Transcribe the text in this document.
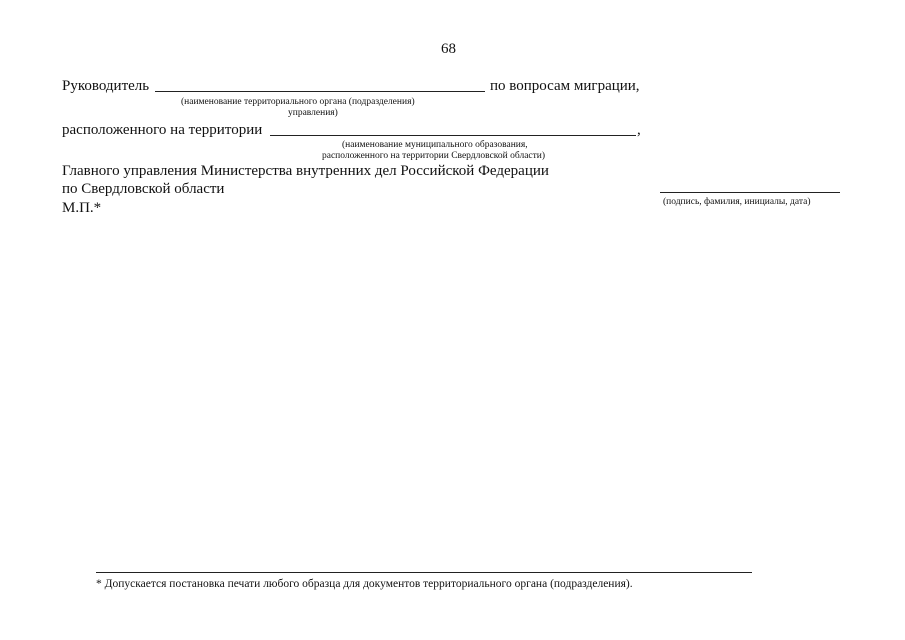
68
Руководитель	по вопросам миграции,
(наименование территориального органа (подразделения)
управления)
расположенного на территории	,
(наименование муниципального образования,
расположенного на территории Свердловской области)
Главного управления Министерства внутренних дел Российской Федерации
по Свердловской области
М.П.*	(подпись, фамилия, инициалы, дата)
* Допускается постановка печати любого образца для документов территориального органа (подразделения).
